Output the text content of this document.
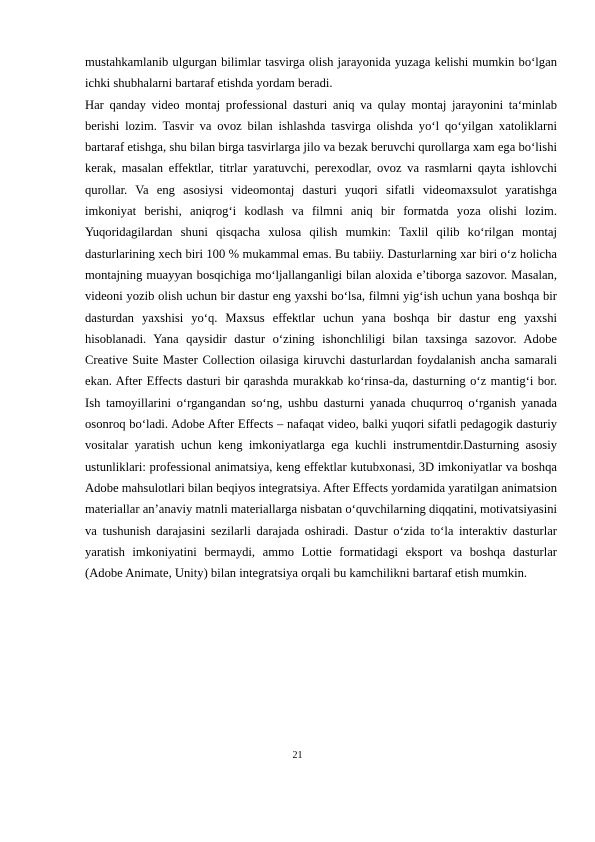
mustahkamlanib ulgurgan bilimlar tasvirga olish jarayonida yuzaga kelishi mumkin bo‘lgan ichki shubhalarni bartaraf etishda yordam beradi.

Har qanday video montaj professional dasturi aniq va qulay montaj jarayonini ta‘minlab berishi lozim. Tasvir va ovoz bilan ishlashda tasvirga olishda yo‘l qo‘yilgan xatoliklarni bartaraf etishga, shu bilan birga tasvirlarga jilo va bezak beruvchi qurollarga xam ega bo‘lishi kerak, masalan effektlar, titrlar yaratuvchi, perexodlar, ovoz va rasmlarni qayta ishlovchi qurollar. Va eng asosiysi videomontaj dasturi yuqori sifatli videomaxsulot yaratishga imkoniyat berishi, aniqrog‘i kodlash va filmni aniq bir formatda yoza olishi lozim. Yuqoridagilardan shuni qisqacha xulosa qilish mumkin: Taxlil qilib ko‘rilgan montaj dasturlarining xech biri 100 % mukammal emas. Bu tabiiy. Dasturlarning xar biri o‘z holicha montajning muayyan bosqichiga mo‘ljallanganligi bilan aloxida e’tiborga sazovor. Masalan, videoni yozib olish uchun bir dastur eng yaxshi bo‘lsa, filmni yig‘ish uchun yana boshqa bir dasturdan yaxshisi yo‘q. Maxsus effektlar uchun yana boshqa bir dastur eng yaxshi hisoblanadi. Yana qaysidir dastur o‘zining ishonchliligi bilan taxsinga sazovor. Adobe Creative Suite Master Collection oilasiga kiruvchi dasturlardan foydalanish ancha samarali ekan. After Effects dasturi bir qarashda murakkab ko‘rinsa-da, dasturning o‘z mantig‘i bor. Ish tamoyillarini o‘rgangandan so‘ng, ushbu dasturni yanada chuqurroq o‘rganish yanada osonroq bo‘ladi. Adobe After Effects – nafaqat video, balki yuqori sifatli pedagogik dasturiy vositalar yaratish uchun keng imkoniyatlarga ega kuchli instrumentdir.Dasturning asosiy ustunliklari: professional animatsiya, keng effektlar kutubxonasi, 3D imkoniyatlar va boshqa Adobe mahsulotlari bilan beqiyos integratsiya. After Effects yordamida yaratilgan animatsion materiallar an’anaviy matnli materiallarga nisbatan o‘quvchilarning diqqatini, motivatsiyasini va tushunish darajasini sezilarli darajada oshiradi. Dastur o‘zida to‘la interaktiv dasturlar yaratish imkoniyatini bermaydi, ammo Lottie formatidagi eksport va boshqa dasturlar (Adobe Animate, Unity) bilan integratsiya orqali bu kamchilikni bartaraf etish mumkin.

21
